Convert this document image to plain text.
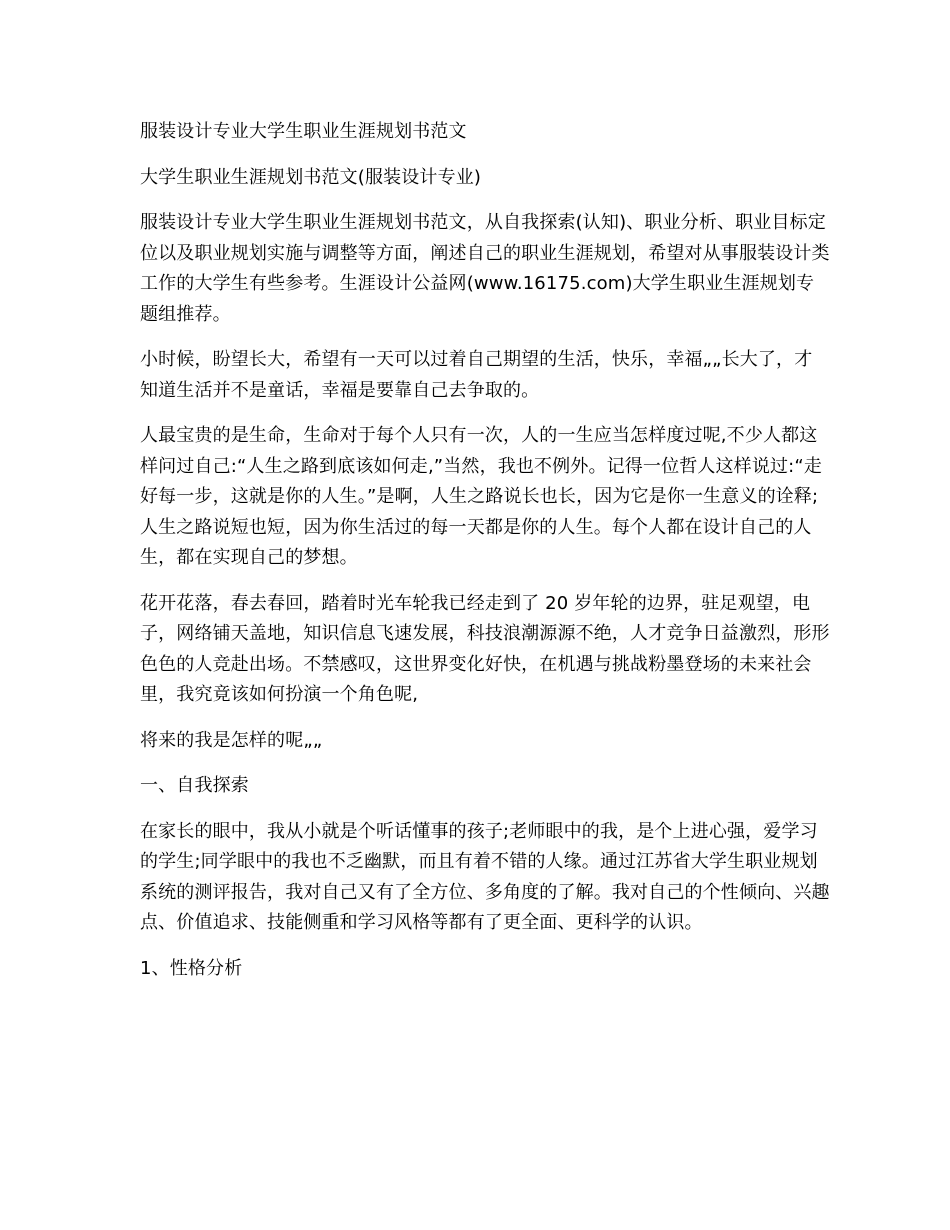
服装设计专业大学生职业生涯规划书范文

大学生职业生涯规划书范文(服装设计专业)

服装设计专业大学生职业生涯规划书范文，从自我探索(认知)、职业分析、职业目标定位以及职业规划实施与调整等方面，阐述自己的职业生涯规划，希望对从事服装设计类工作的大学生有些参考。生涯设计公益网(www.16175.com)大学生职业生涯规划专题组推荐。

小时候，盼望长大，希望有一天可以过着自己期望的生活，快乐，幸福„„长大了，才知道生活并不是童话，幸福是要靠自己去争取的。

人最宝贵的是生命，生命对于每个人只有一次，人的一生应当怎样度过呢,不少人都这样问过自己:“人生之路到底该如何走,”当然，我也不例外。记得一位哲人这样说过:“走好每一步，这就是你的人生。”是啊，人生之路说长也长，因为它是你一生意义的诠释;人生之路说短也短，因为你生活过的每一天都是你的人生。每个人都在设计自己的人生，都在实现自己的梦想。

花开花落，春去春回，踏着时光车轮我已经走到了 20 岁年轮的边界，驻足观望，电子，网络铺天盖地，知识信息飞速发展，科技浪潮源源不绝，人才竞争日益激烈，形形色色的人竞赴出场。不禁感叹，这世界变化好快，在机遇与挑战粉墨登场的未来社会里，我究竟该如何扮演一个角色呢,

将来的我是怎样的呢„„

一、自我探索

在家长的眼中，我从小就是个听话懂事的孩子;老师眼中的我，是个上进心强，爱学习的学生;同学眼中的我也不乏幽默，而且有着不错的人缘。通过江苏省大学生职业规划系统的测评报告，我对自己又有了全方位、多角度的了解。我对自己的个性倾向、兴趣点、价值追求、技能侧重和学习风格等都有了更全面、更科学的认识。

1、性格分析
